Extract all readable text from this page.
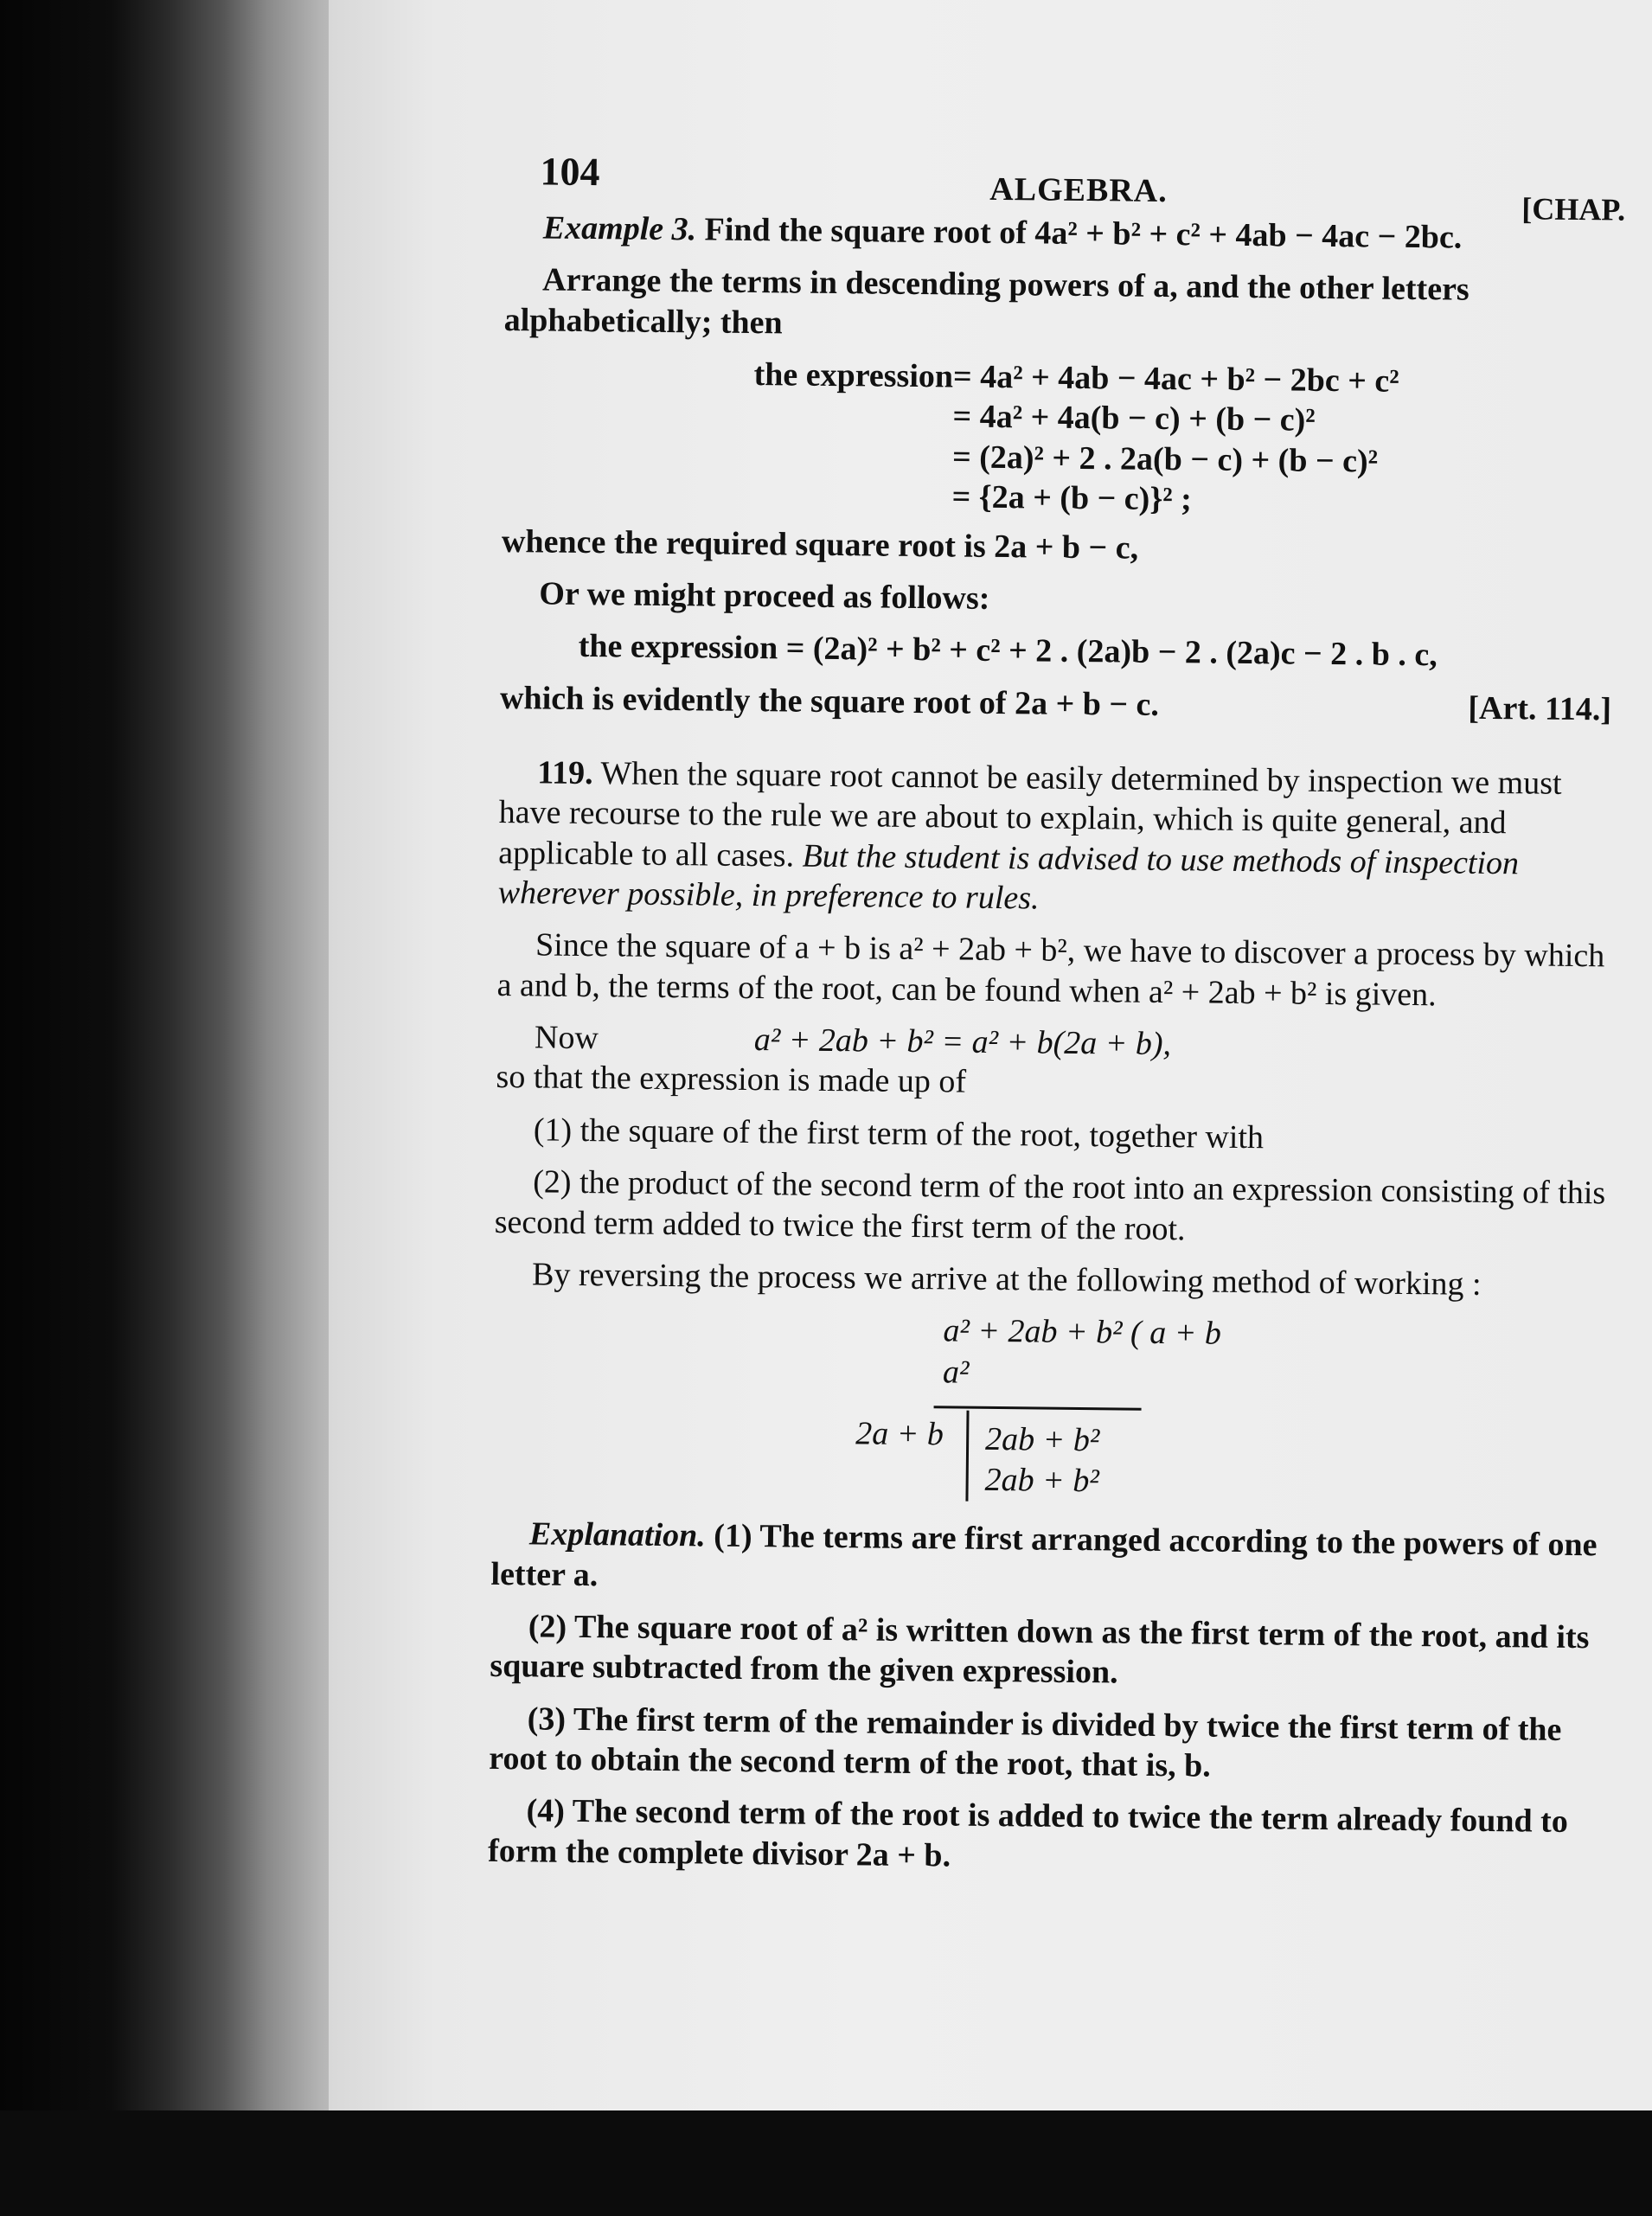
104	ALGEBRA.	[CHAP.

Example 3. Find the square root of 4a² + b² + c² + 4ab − 4ac − 2bc.

Arrange the terms in descending powers of a, and the other letters alphabetically; then

the expression= 4a² + 4ab − 4ac + b² − 2bc + c²
= 4a² + 4a(b − c) + (b − c)²
= (2a)² + 2 . 2a(b − c) + (b − c)²
= {2a + (b − c)}² ;

whence the required square root is 2a + b − c,

Or we might proceed as follows:

the expression = (2a)² + b² + c² + 2 . (2a)b − 2 . (2a)c − 2 . b . c,

which is evidently the square root of 2a + b − c.	[Art. 114.]

119. When the square root cannot be easily determined by inspection we must have recourse to the rule we are about to explain, which is quite general, and applicable to all cases. But the student is advised to use methods of inspection wherever possible, in preference to rules.

Since the square of a + b is a² + 2ab + b², we have to discover a process by which a and b, the terms of the root, can be found when a² + 2ab + b² is given.

Now	a² + 2ab + b² = a² + b(2a + b),

so that the expression is made up of

(1) the square of the first term of the root, together with

(2) the product of the second term of the root into an expression consisting of this second term added to twice the first term of the root.

By reversing the process we arrive at the following method of working :

a² + 2ab + b² ( a + b
a²
2a + b 2ab + b²
2ab + b²

Explanation. (1) The terms are first arranged according to the powers of one letter a.

(2) The square root of a² is written down as the first term of the root, and its square subtracted from the given expression.

(3) The first term of the remainder is divided by twice the first term of the root to obtain the second term of the root, that is, b.

(4) The second term of the root is added to twice the term already found to form the complete divisor 2a + b.
